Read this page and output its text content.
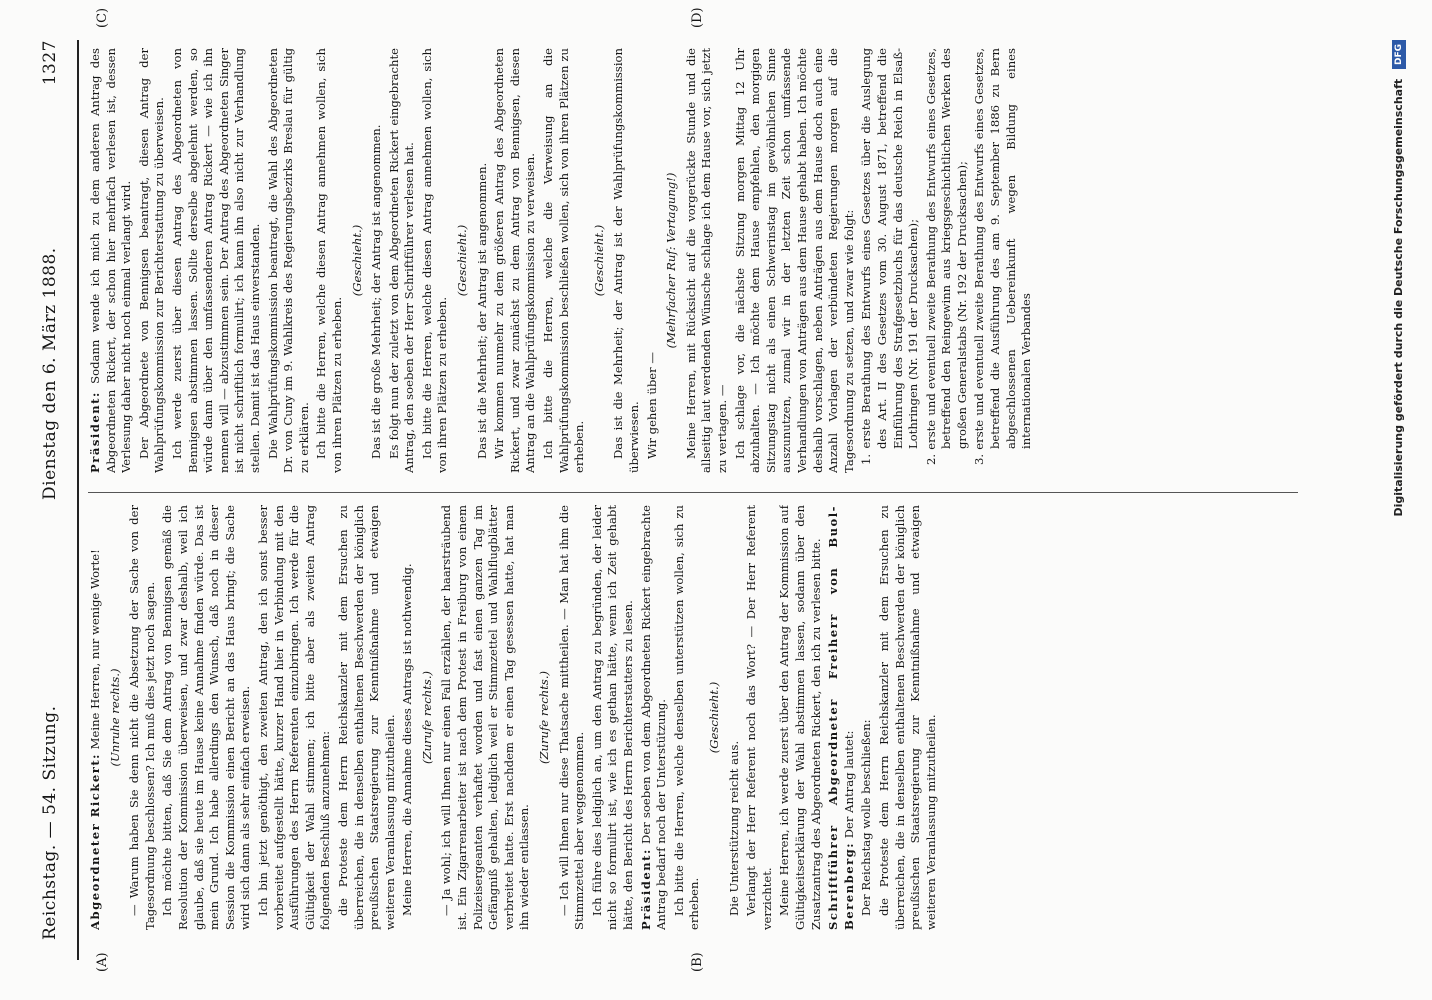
Reichstag. — 54. Sitzung.
Dienstag den 6. März 1888.
1327
(A)	(B)
(C)	(D)

Abgeordneter Rickert: Meine Herren, nur wenige Worte! (Unruhe rechts.) — Warum haben Sie denn nicht die Absetzung der Sache von der Tagesordnung beschlossen? Ich muß dies jetzt noch sagen. Ich möchte bitten, daß Sie dem Antrag von Bennigsen gemäß die Resolution der Kommission überweisen, und zwar deshalb, weil ich glaube, daß sie heute im Hause keine Annahme finden würde. Das ist mein Grund. Ich habe allerdings den Wunsch, daß noch in dieser Session die Kommission einen Bericht an das Haus bringt; die Sache wird sich dann als sehr einfach erweisen. Ich bin jetzt genöthigt, den zweiten Antrag, den ich sonst besser vorbereitet aufgestellt hätte, kurzer Hand hier in Verbindung mit den Ausführungen des Herrn Referenten einzubringen. Ich werde für die Gültigkeit der Wahl stimmen; ich bitte aber als zweiten Antrag folgenden Beschluß anzunehmen: die Proteste dem Herrn Reichskanzler mit dem Ersuchen zu überreichen, die in denselben enthaltenen Beschwerden der königlich preußischen Staatsregierung zur Kenntnißnahme und etwaigen weiteren Veranlassung mitzutheilen. Meine Herren, die Annahme dieses Antrags ist nothwendig. (Zurufe rechts.) — Ja wohl; ich will Ihnen nur einen Fall erzählen, der haarsträubend ist. Ein Zigarrenarbeiter ist nach dem Protest in Freiburg von einem Polizeisergeanten verhaftet worden und fast einen ganzen Tag im Gefängniß gehalten, lediglich weil er Stimmzettel und Wahlflugblätter verbreitet hatte. Erst nachdem er einen Tag gesessen hatte, hat man ihn wieder entlassen.

(Zurufe rechts.) — Ich will Ihnen nur diese Thatsache mittheilen. — Man hat ihm die Stimmzettel aber weggenommen. Ich führe dies lediglich an, um den Antrag zu begründen, der leider nicht so formulirt ist, wie ich es gethan hätte, wenn ich Zeit gehabt hätte, den Bericht des Herrn Berichterstatters zu lesen. Präsident: Der soeben von dem Abgeordneten Rickert eingebrachte Antrag bedarf noch der Unterstützung. Ich bitte die Herren, welche denselben unterstützen wollen, sich zu erheben.

(Geschieht.)

Die Unterstützung reicht aus. Verlangt der Herr Referent noch das Wort? — Der Herr Referent verzichtet. Meine Herren, ich werde zuerst über den Antrag der Kommission auf Gültigkeitserklärung der Wahl abstimmen lassen, sodann über den Zusatzantrag des Abgeordneten Rickert, den ich zu verlesen bitte. Schriftführer Abgeordneter Freiherr von Buol-Berenberg: Der Antrag lautet: Der Reichstag wolle beschließen: die Proteste dem Herrn Reichskanzler mit dem Ersuchen zu überreichen, die in denselben enthaltenen Beschwerden der königlich preußischen Staatsregierung zur Kenntnißnahme und etwaigen weiteren Veranlassung mitzutheilen.

Präsident: Sodann wende ich mich zu dem anderen Antrag des Abgeordneten Rickert, der schon hier mehrfach verlesen ist, dessen Verlesung daher nicht noch einmal verlangt wird. Der Abgeordnete von Bennigsen beantragt, diesen Antrag der Wahlprüfungskommission zur Berichterstattung zu überweisen. Ich werde zuerst über diesen Antrag des Abgeordneten von Bennigsen abstimmen lassen. Sollte derselbe abgelehnt werden, so würde dann über den umfassenderen Antrag Rickert — wie ich ihn nennen will — abzustimmen sein. Der Antrag des Abgeordneten Singer ist nicht schriftlich formulirt; ich kann ihn also nicht zur Verhandlung stellen. Damit ist das Haus einverstanden. Die Wahlprüfungskommission beantragt, die Wahl des Abgeordneten Dr. von Cuny im 9. Wahlkreis des Regierungsbezirks Breslau für gültig zu erklären. Ich bitte die Herren, welche diesen Antrag annehmen wollen, sich von ihren Plätzen zu erheben.

(Geschieht.) Das ist die große Mehrheit; der Antrag ist angenommen. Es folgt nun der zuletzt von dem Abgeordneten Rickert eingebrachte Antrag, den soeben der Herr Schriftführer verlesen hat. Ich bitte die Herren, welche diesen Antrag annehmen wollen, sich von ihren Plätzen zu erheben.

(Geschieht.) Das ist die Mehrheit; der Antrag ist angenommen. Wir kommen nunmehr zu dem größeren Antrag des Abgeordneten Rickert, und zwar zunächst zu dem Antrag von Bennigsen, diesen Antrag an die Wahlprüfungskommission zu verweisen. Ich bitte die Herren, welche die Verweisung an die Wahlprüfungskommission beschließen wollen, sich von ihren Plätzen zu erheben.

(Geschieht.) Das ist die Mehrheit; der Antrag ist der Wahlprüfungskommission überwiesen. Wir gehen über —

(Mehrfacher Ruf: Vertagung!) Meine Herren, mit Rücksicht auf die vorgerückte Stunde und die allseitig laut werdenden Wünsche schlage ich dem Hause vor, sich jetzt zu vertagen. — Ich schlage vor, die nächste Sitzung morgen Mittag 12 Uhr abzuhalten. — Ich möchte dem Hause empfehlen, den morgigen Sitzungstag nicht als einen Schwerinstag im gewöhnlichen Sinne auszunutzen, zumal wir in der letzten Zeit schon umfassende Verhandlungen von Anträgen aus dem Hause gehabt haben. Ich möchte deshalb vorschlagen, neben Anträgen aus dem Hause doch auch eine Anzahl Vorlagen der verbündeten Regierungen morgen auf die Tagesordnung zu setzen, und zwar wie folgt: 1. erste Berathung des Entwurfs eines Gesetzes über die Auslegung des Art. II des Gesetzes vom 30. August 1871, betreffend die Einführung des Strafgesetzbuchs für das deutsche Reich in Elsaß-Lothringen (Nr. 191 der Drucksachen); 2. erste und eventuell zweite Berathung des Entwurfs eines Gesetzes, betreffend den Reingewinn aus kriegsgeschichtlichen Werken des großen Generalstabs (Nr. 192 der Drucksachen); 3. erste und eventuell zweite Berathung des Entwurfs eines Gesetzes, betreffend die Ausführung des am 9. September 1886 zu Bern abgeschlossenen Uebereinkunft wegen Bildung eines internationalen Verbandes	Digitalisierung gefördert durch die Deutsche Forschungsgemeinschaft DFG
